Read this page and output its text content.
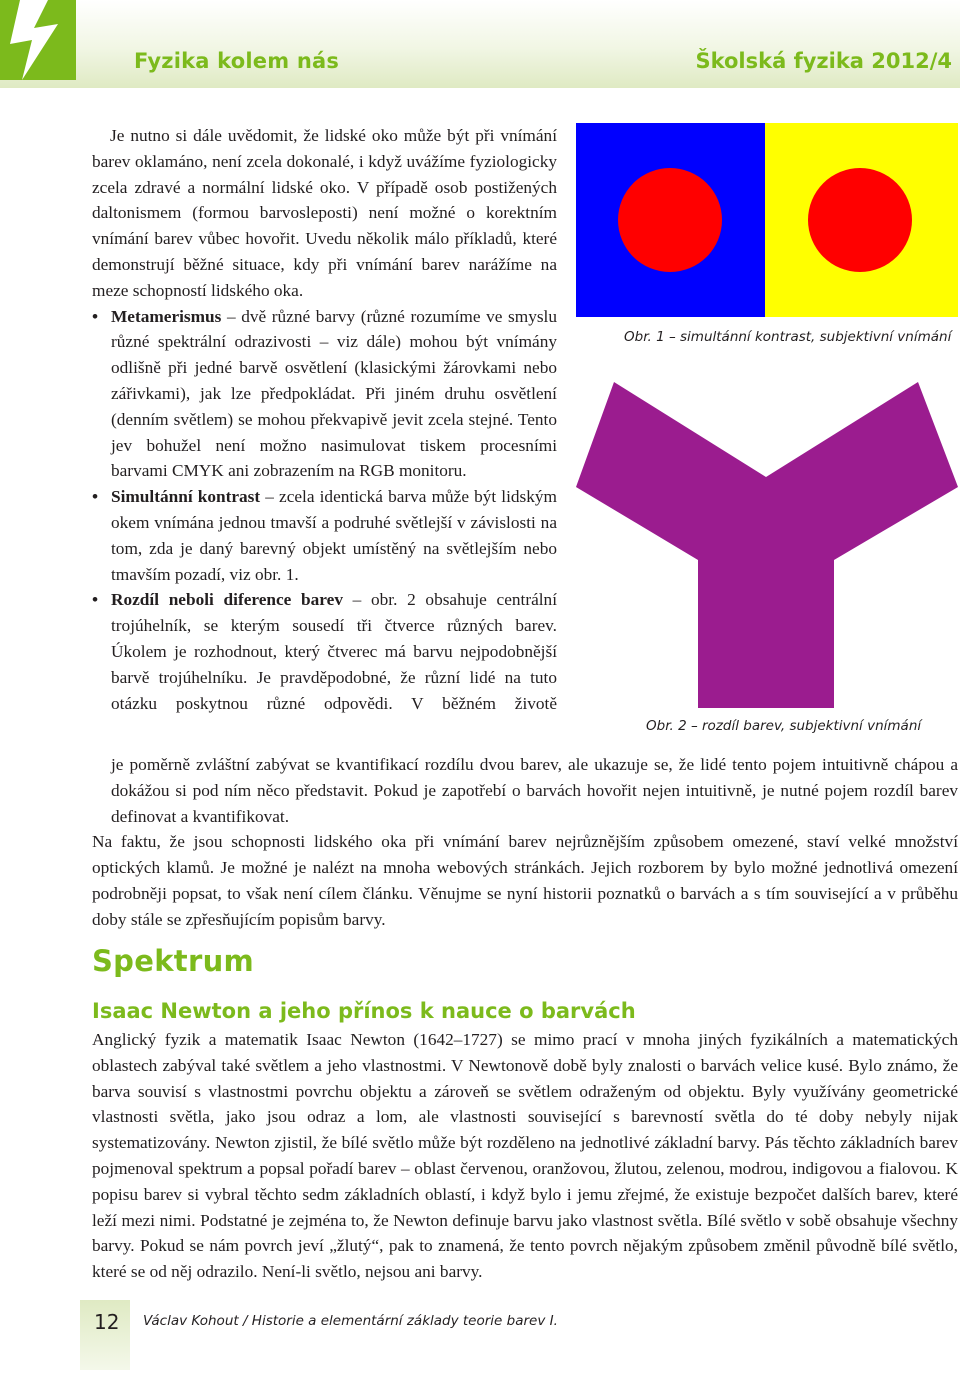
Fyzika kolem nás	Školská fyzika 2012/4

Je nutno si dále uvědomit, že lidské oko může být při vnímání barev oklamáno, není zcela dokonalé, i když uvážíme fyziologicky zcela zdravé a normální lidské oko. V případě osob postižených daltonismem (formou barvosleposti) není možné o korektním vnímání barev vůbec hovořit. Uvedu několik málo příkladů, které demonstrují běžné situace, kdy při vnímání barev narážíme na meze schopností lidského oka.

• Metamerismus – dvě různé barvy (různé rozumíme ve smyslu různé spektrální odrazivosti – viz dále) mohou být vnímány odlišně při jedné barvě osvětlení (klasickými žárovkami nebo zářivkami), jak lze předpokládat. Při jiném druhu osvětlení (denním světlem) se mohou překvapivě jevit zcela stejné. Tento jev bohužel není možno nasimulovat tiskem procesními barvami CMYK ani zobrazením na RGB monitoru.
• Simultánní kontrast – zcela identická barva může být lidským okem vnímána jednou tmavší a podruhé světlejší v závislosti na tom, zda je daný barevný objekt umístěný na světlejším nebo tmavším pozadí, viz obr. 1.
• Rozdíl neboli diference barev – obr. 2 obsahuje centrální trojúhelník, se kterým sousedí tři čtverce různých barev. Úkolem je rozhodnout, který čtverec má barvu nejpodobnější barvě trojúhelníku. Je pravděpodobné, že různí lidé na tuto otázku poskytnou různé odpovědi. V běžném životě

je poměrně zvláštní zabývat se kvantifikací rozdílu dvou barev, ale ukazuje se, že lidé tento pojem intuitivně chápou a dokážou si pod ním něco představit. Pokud je zapotřebí o barvách hovořit nejen intuitivně, je nutné pojem rozdíl barev definovat a kvantifikovat.

Na faktu, že jsou schopnosti lidského oka při vnímání barev nejrůznějším způsobem omezené, staví velké množství optických klamů. Je možné je nalézt na mnoha webových stránkách. Jejich rozborem by bylo možné jednotlivá omezení podrobněji popsat, to však není cílem článku. Věnujme se nyní historii poznatků o barvách a s tím související a v průběhu doby stále se zpřesňujícím popisům barvy.

Obr. 1 – simultánní kontrast, subjektivní vnímání
Obr. 2 – rozdíl barev, subjektivní vnímání
Spektrum
Isaac Newton a jeho přínos k nauce o barvách
Anglický fyzik a matematik Isaac Newton (1642–1727) se mimo prací v mnoha jiných fyzikálních a matematických oblastech zabýval také světlem a jeho vlastnostmi. V Newtonově době byly znalosti o barvách velice kusé. Bylo známo, že barva souvisí s vlastnostmi povrchu objektu a zároveň se světlem odraženým od objektu. Byly využívány geometrické vlastnosti světla, jako jsou odraz a lom, ale vlastnosti související s barevností světla do té doby nebyly nijak systematizovány. Newton zjistil, že bílé světlo může být rozděleno na jednotlivé základní barvy. Pás těchto základních barev pojmenoval spektrum a popsal pořadí barev – oblast červenou, oranžovou, žlutou, zelenou, modrou, indigovou a fialovou. K popisu barev si vybral těchto sedm základních oblastí, i když bylo i jemu zřejmé, že existuje bezpočet dalších barev, které leží mezi nimi. Podstatné je zejména to, že Newton definuje barvu jako vlastnost světla. Bílé světlo v sobě obsahuje všechny barvy. Pokud se nám povrch jeví „žlutý“, pak to znamená, že tento povrch nějakým způsobem změnil původně bílé světlo, které se od něj odrazilo. Není-li světlo, nejsou ani barvy.
12 Václav Kohout / Historie a elementární základy teorie barev I.
